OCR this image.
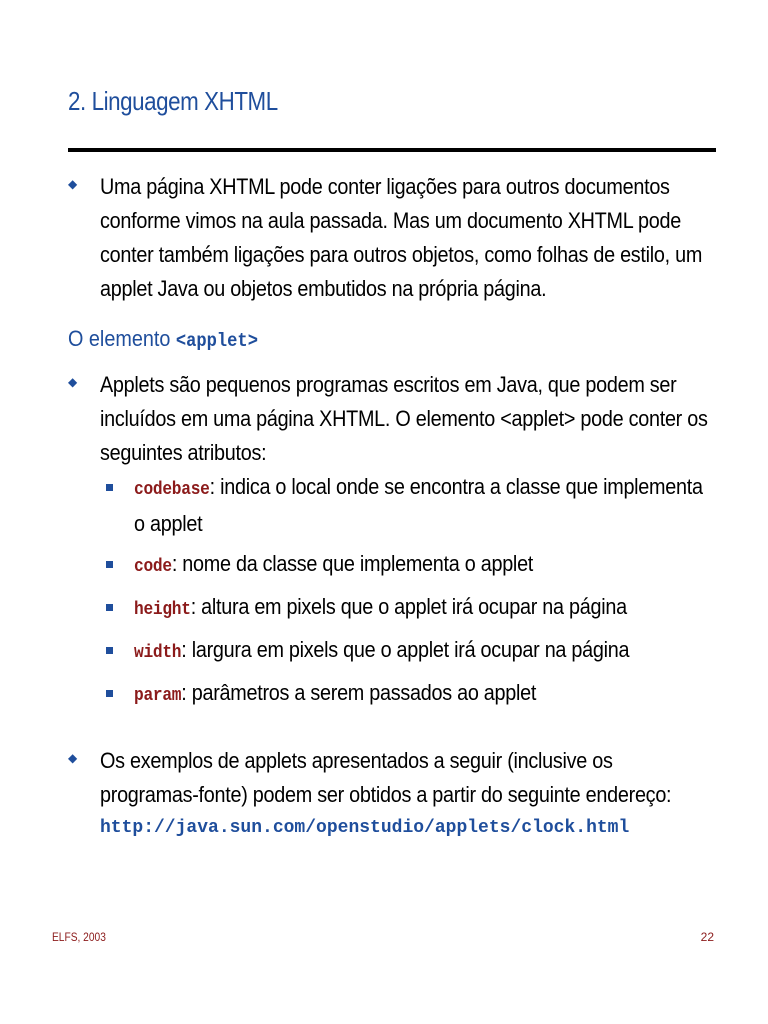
2. Linguagem XHTML
◆ Uma página XHTML pode conter ligações para outros documentos conforme vimos na aula passada. Mas um documento XHTML pode conter também ligações para outros objetos, como folhas de estilo, um applet Java ou objetos embutidos na própria página.
O elemento <applet>
◆ Applets são pequenos programas escritos em Java, que podem ser incluídos em uma página XHTML. O elemento <applet> pode conter os seguintes atributos:
codebase: indica o local onde se encontra a classe que implementa o applet
code: nome da classe que implementa o applet
height: altura em pixels que o applet irá ocupar na página
width: largura em pixels que o applet irá ocupar na página
param: parâmetros a serem passados ao applet
◆ Os exemplos de applets apresentados a seguir (inclusive os programas-fonte) podem ser obtidos a partir do seguinte endereço:
http://java.sun.com/openstudio/applets/clock.html
ELFS, 2003	22
